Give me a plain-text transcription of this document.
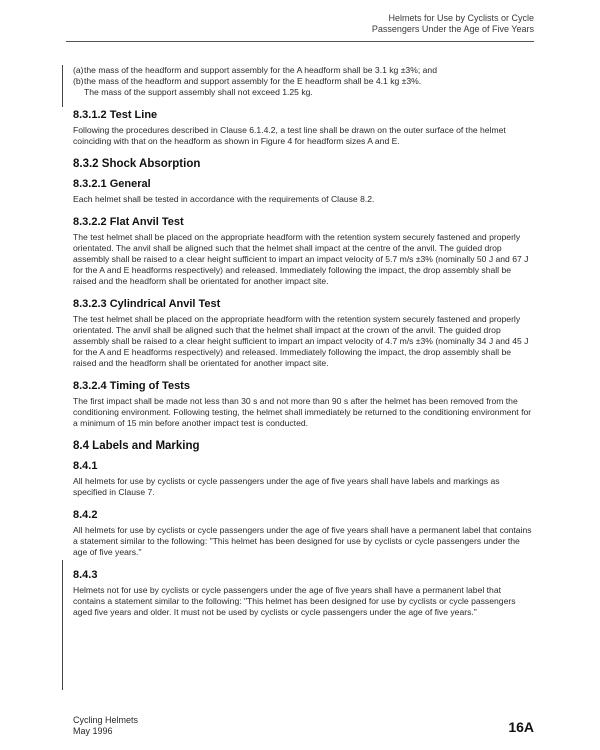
Helmets for Use by Cyclists or Cycle
Passengers Under the Age of Five Years
(a) the mass of the headform and support assembly for the A headform shall be 3.1 kg ±3%; and
(b) the mass of the headform and support assembly for the E headform shall be 4.1 kg ±3%.

The mass of the support assembly shall not exceed 1.25 kg.

8.3.1.2 Test Line

Following the procedures described in Clause 6.1.4.2, a test line shall be drawn on the outer surface of the helmet coinciding with that on the headform as shown in Figure 4 for headform sizes A and E.

8.3.2 Shock Absorption
8.3.2.1 General

Each helmet shall be tested in accordance with the requirements of Clause 8.2.

8.3.2.2 Flat Anvil Test

The test helmet shall be placed on the appropriate headform with the retention system securely fastened and properly orientated. The anvil shall be aligned such that the helmet shall impact at the centre of the anvil. The guided drop assembly shall be raised to a clear height sufficient to impart an impact velocity of 5.7 m/s ±3% (nominally 50 J and 67 J for the A and E headforms respectively) and released. Immediately following the impact, the drop assembly shall be raised and the headform shall be orientated for another impact site.

8.3.2.3 Cylindrical Anvil Test

The test helmet shall be placed on the appropriate headform with the retention system securely fastened and properly orientated. The anvil shall be aligned such that the helmet shall impact at the crown of the anvil. The guided drop assembly shall be raised to a clear height sufficient to impart an impact velocity of 4.7 m/s ±3% (nominally 34 J and 45 J for the A and E headforms respectively) and released. Immediately following the impact, the drop assembly shall be raised and the headform shall be orientated for another impact site.

8.3.2.4 Timing of Tests

The first impact shall be made not less than 30 s and not more than 90 s after the helmet has been removed from the conditioning environment. Following testing, the helmet shall immediately be returned to the conditioning environment for a minimum of 15 min before another impact test is conducted.

8.4 Labels and Marking
8.4.1

All helmets for use by cyclists or cycle passengers under the age of five years shall have labels and markings as specified in Clause 7.

8.4.2

All helmets for use by cyclists or cycle passengers under the age of five years shall have a permanent label that contains a statement similar to the following: "This helmet has been designed for use by cyclists or cycle passengers under the age of five years."

8.4.3

Helmets not for use by cyclists or cycle passengers under the age of five years shall have a permanent label that contains a statement similar to the following: "This helmet has been designed for use by cyclists or cycle passengers aged five years and older. It must not be used by cyclists or cycle passengers under the age of five years."

Cycling Helmets
May 1996	16A
